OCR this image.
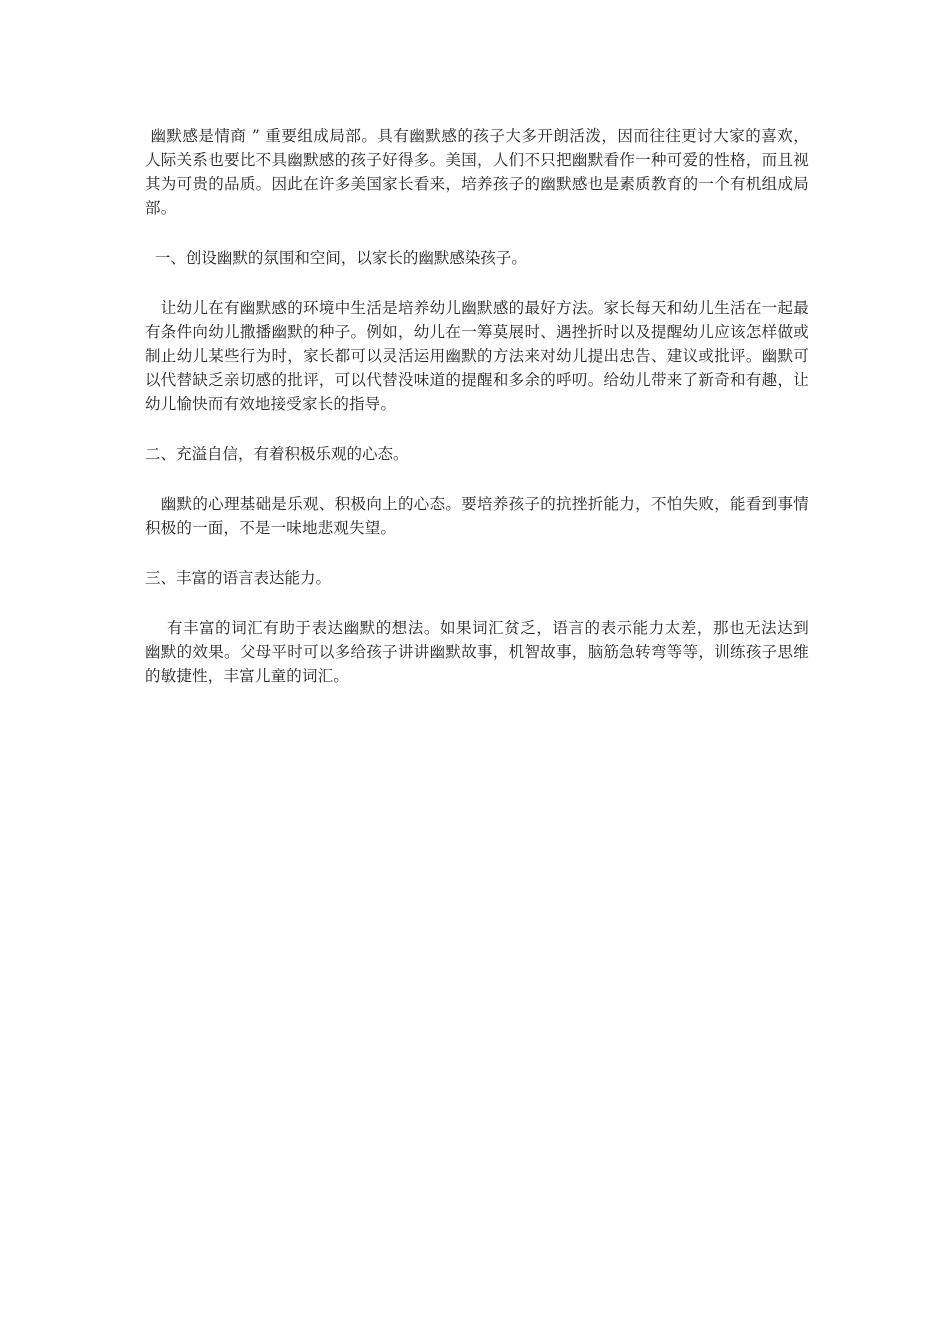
幽默感是情商 ” 重要组成局部。具有幽默感的孩子大多开朗活泼，因而往往更讨大家的喜欢，人际关系也要比不具幽默感的孩子好得多。美国，人们不只把幽默看作一种可爱的性格，而且视其为可贵的品质。因此在许多美国家长看来，培养孩子的幽默感也是素质教育的一个有机组成局部。

一、创设幽默的氛围和空间，以家长的幽默感染孩子。

让幼儿在有幽默感的环境中生活是培养幼儿幽默感的最好方法。家长每天和幼儿生活在一起最有条件向幼儿撒播幽默的种子。例如，幼儿在一筹莫展时、遇挫折时以及提醒幼儿应该怎样做或制止幼儿某些行为时，家长都可以灵活运用幽默的方法来对幼儿提出忠告、建议或批评。幽默可以代替缺乏亲切感的批评，可以代替没味道的提醒和多余的呼叨。给幼儿带来了新奇和有趣，让幼儿愉快而有效地接受家长的指导。

二、充溢自信，有着积极乐观的心态。

幽默的心理基础是乐观、积极向上的心态。要培养孩子的抗挫折能力，不怕失败，能看到事情积极的一面，不是一味地悲观失望。

三、丰富的语言表达能力。

有丰富的词汇有助于表达幽默的想法。如果词汇贫乏，语言的表示能力太差，那也无法达到幽默的效果。父母平时可以多给孩子讲讲幽默故事，机智故事，脑筋急转弯等等，训练孩子思维的敏捷性，丰富儿童的词汇。
